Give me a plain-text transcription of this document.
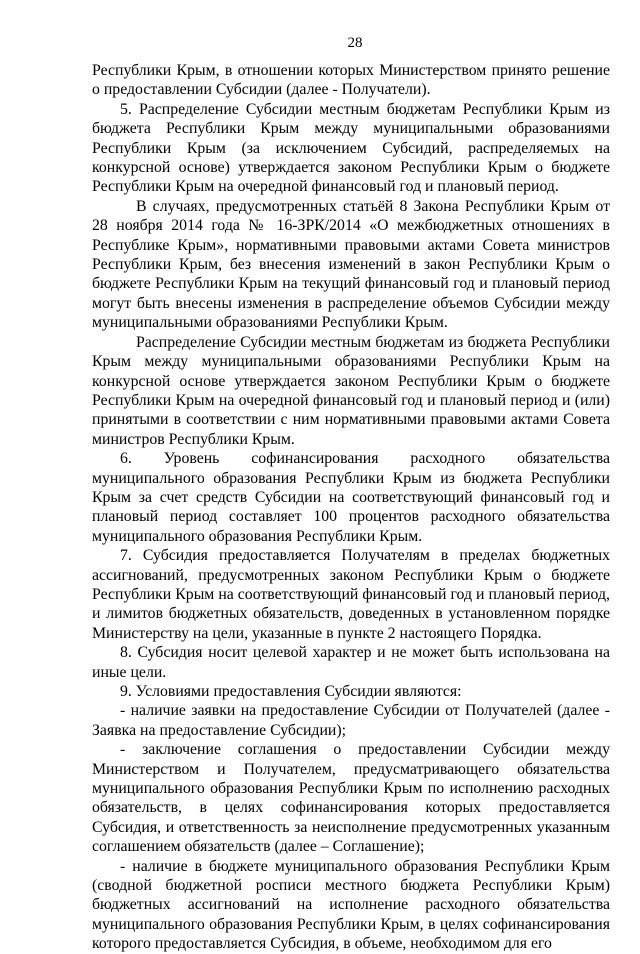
28

Республики Крым, в отношении которых Министерством принято решение о предоставлении Субсидии (далее - Получатели).

5. Распределение Субсидии местным бюджетам Республики Крым из бюджета Республики Крым между муниципальными образованиями Республики Крым (за исключением Субсидий, распределяемых на конкурсной основе) утверждается законом Республики Крым о бюджете Республики Крым на очередной финансовый год и плановый период.

В случаях, предусмотренных статьёй 8 Закона Республики Крым от 28 ноября 2014 года № 16-ЗРК/2014 «О межбюджетных отношениях в Республике Крым», нормативными правовыми актами Совета министров Республики Крым, без внесения изменений в закон Республики Крым о бюджете Республики Крым на текущий финансовый год и плановый период могут быть внесены изменения в распределение объемов Субсидии между муниципальными образованиями Республики Крым.

Распределение Субсидии местным бюджетам из бюджета Республики Крым между муниципальными образованиями Республики Крым на конкурсной основе утверждается законом Республики Крым о бюджете Республики Крым на очередной финансовый год и плановый период и (или) принятыми в соответствии с ним нормативными правовыми актами Совета министров Республики Крым.

6. Уровень софинансирования расходного обязательства муниципального образования Республики Крым из бюджета Республики Крым за счет средств Субсидии на соответствующий финансовый год и плановый период составляет 100 процентов расходного обязательства муниципального образования Республики Крым.

7. Субсидия предоставляется Получателям в пределах бюджетных ассигнований, предусмотренных законом Республики Крым о бюджете Республики Крым на соответствующий финансовый год и плановый период, и лимитов бюджетных обязательств, доведенных в установленном порядке Министерству на цели, указанные в пункте 2 настоящего Порядка.

8. Субсидия носит целевой характер и не может быть использована на иные цели.

9. Условиями предоставления Субсидии являются:

- наличие заявки на предоставление Субсидии от Получателей (далее - Заявка на предоставление Субсидии);

- заключение соглашения о предоставлении Субсидии между Министерством и Получателем, предусматривающего обязательства муниципального образования Республики Крым по исполнению расходных обязательств, в целях софинансирования которых предоставляется Субсидия, и ответственность за неисполнение предусмотренных указанным соглашением обязательств (далее – Соглашение);

- наличие в бюджете муниципального образования Республики Крым (сводной бюджетной росписи местного бюджета Республики Крым) бюджетных ассигнований на исполнение расходного обязательства муниципального образования Республики Крым, в целях софинансирования которого предоставляется Субсидия, в объеме, необходимом для его
